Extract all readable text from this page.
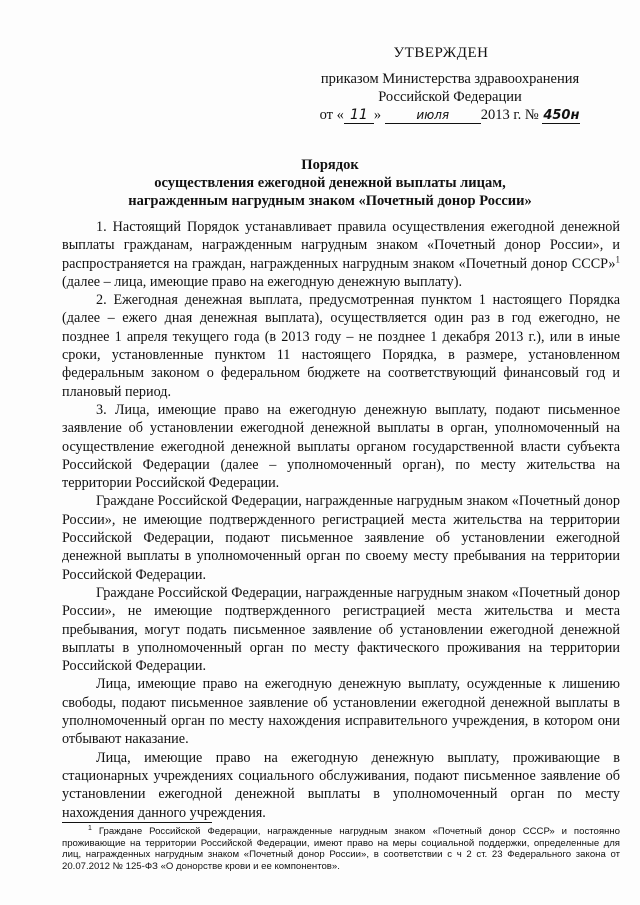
УТВЕРЖДЕН
приказом Министерства здравоохранения
Российской Федерации
от « 11 »	июля 2013 г. № 450н
Порядок
осуществления ежегодной денежной выплаты лицам,
награжденным нагрудным знаком «Почетный донор России»

1. Настоящий Порядок устанавливает правила осуществления ежегодной денежной выплаты гражданам, награжденным нагрудным знаком «Почетный донор России», и распространяется на граждан, награжденных нагрудным знаком «Почетный донор СССР»$^1$ (далее – лица, имеющие право на ежегодную денежную выплату).

2. Ежегодная денежная выплата, предусмотренная пунктом 1 настоящего Порядка (далее – ежего дная денежная выплата), осуществляется один раз в год ежегодно, не позднее 1 апреля текущего года (в 2013 году – не позднее 1 декабря 2013 г.), или в иные сроки, установленные пунктом 11 настоящего Порядка, в размере, установленном федеральным законом о федеральном бюджете на соответствующий финансовый год и плановый период.

3. Лица, имеющие право на ежегодную денежную выплату, подают письменное заявление об установлении ежегодной денежной выплаты в орган, уполномоченный на осуществление ежегодной денежной выплаты органом государственной власти субъекта Российской Федерации (далее – уполномоченный орган), по месту жительства на территории Российской Федерации.

Граждане Российской Федерации, награжденные нагрудным знаком «Почетный донор России», не имеющие подтвержденного регистрацией места жительства на территории Российской Федерации, подают письменное заявление об установлении ежегодной денежной выплаты в уполномоченный орган по своему месту пребывания на территории Российской Федерации.

Граждане Российской Федерации, награжденные нагрудным знаком «Почетный донор России», не имеющие подтвержденного регистрацией места жительства и места пребывания, могут подать письменное заявление об установлении ежегодной денежной выплаты в уполномоченный орган по месту фактического проживания на территории Российской Федерации.

Лица, имеющие право на ежегодную денежную выплату, осужденные к лишению свободы, подают письменное заявление об установлении ежегодной денежной выплаты в уполномоченный орган по месту нахождения исправительного учреждения, в котором они отбывают наказание.

Лица, имеющие право на ежегодную денежную выплату, проживающие в стационарных учреждениях социального обслуживания, подают письменное заявление об установлении ежегодной денежной выплаты в уполномоченный орган по месту нахождения данного учреждения.

$^1$ Граждане Российской Федерации, награжденные нагрудным знаком «Почетный донор СССР» и постоянно проживающие на территории Российской Федерации, имеют право на меры социальной поддержки, определенные для лиц, награжденных нагрудным знаком «Почетный донор России», в соответствии с ч 2 ст. 23 Федерального закона от 20.07.2012 № 125-ФЗ «О донорстве крови и ее компонентов».
